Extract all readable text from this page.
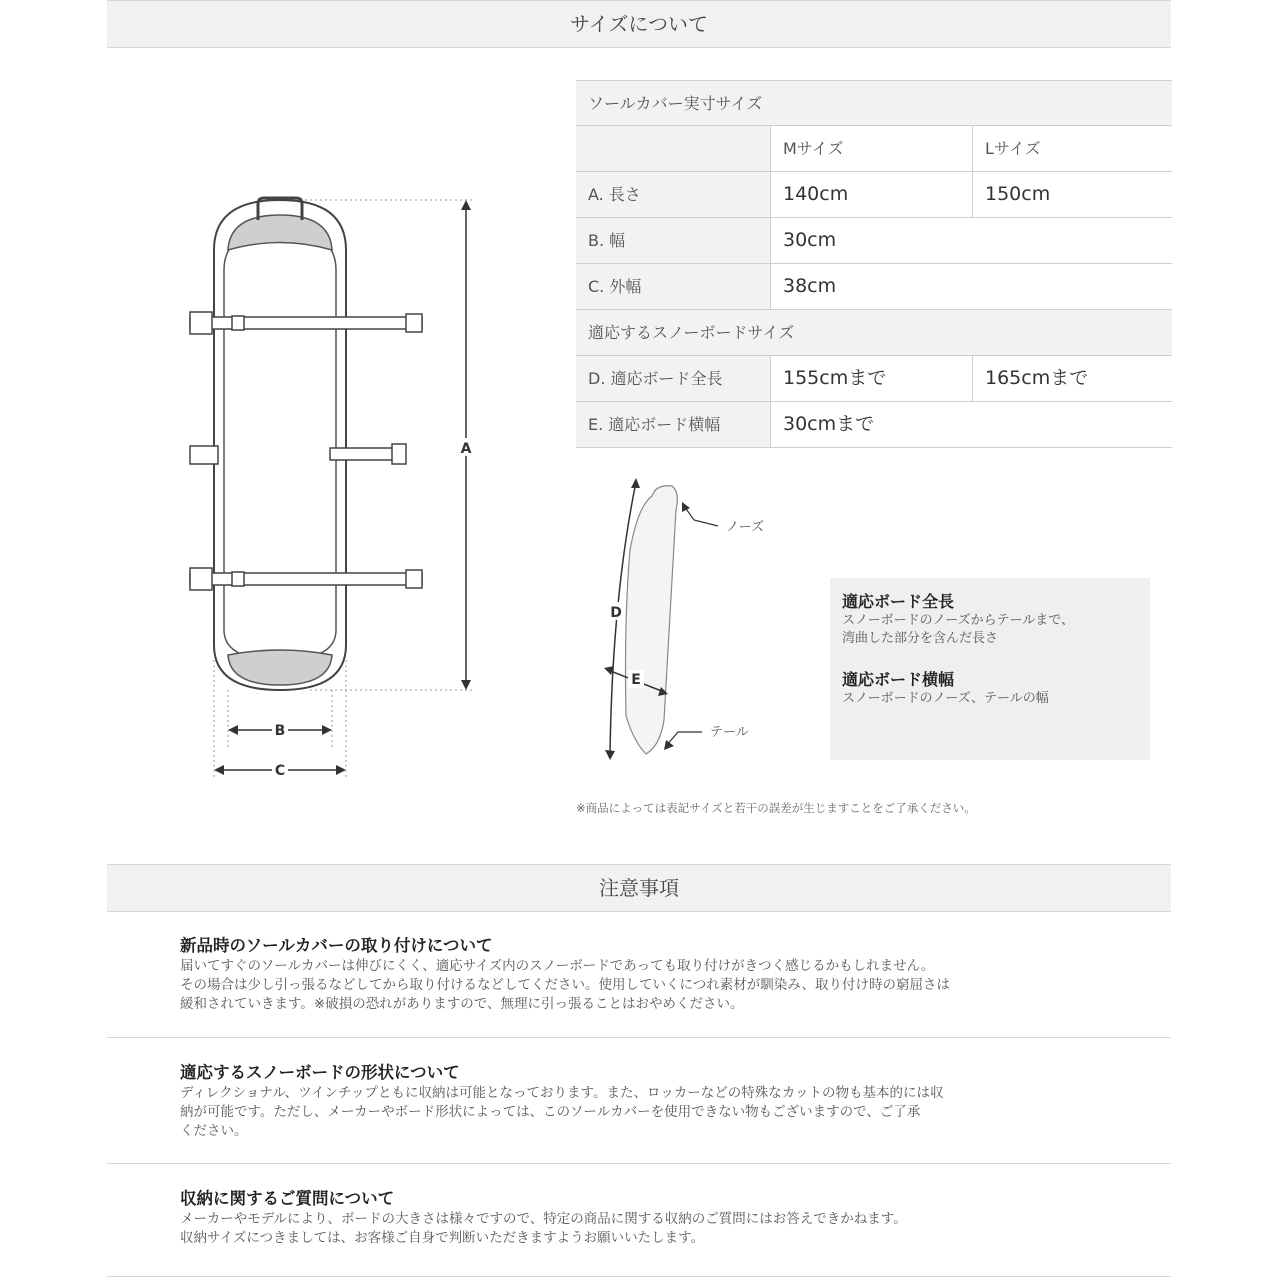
サイズについて
A
B
C
ソールカバー実寸サイズ
Mサイズ	Lサイズ
A. 長さ	140cm	150cm
B. 幅	30cm
C. 外幅	38cm
適応するスノーボードサイズ
D. 適応ボード全長	155cmまで	165cmまで
E. 適応ボード横幅	30cmまで
D
E
ノーズ
テール
適応ボード全長
スノーボードのノーズからテールまで、
湾曲した部分を含んだ長さ
適応ボード横幅
スノーボードのノーズ、テールの幅
※商品によっては表記サイズと若干の誤差が生じますことをご了承ください。
注意事項
新品時のソールカバーの取り付けについて
届いてすぐのソールカバーは伸びにくく、適応サイズ内のスノーボードであっても取り付けがきつく感じるかもしれません。
その場合は少し引っ張るなどしてから取り付けるなどしてください。使用していくにつれ素材が馴染み、取り付け時の窮屈さは
緩和されていきます。※破損の恐れがありますので、無理に引っ張ることはおやめください。
適応するスノーボードの形状について
ディレクショナル、ツインチップともに収納は可能となっております。また、ロッカーなどの特殊なカットの物も基本的には収
納が可能です。ただし、メーカーやボード形状によっては、このソールカバーを使用できない物もございますので、ご了承
ください。
収納に関するご質問について
メーカーやモデルにより、ボードの大きさは様々ですので、特定の商品に関する収納のご質問にはお答えできかねます。
収納サイズにつきましては、お客様ご自身で判断いただきますようお願いいたします。
